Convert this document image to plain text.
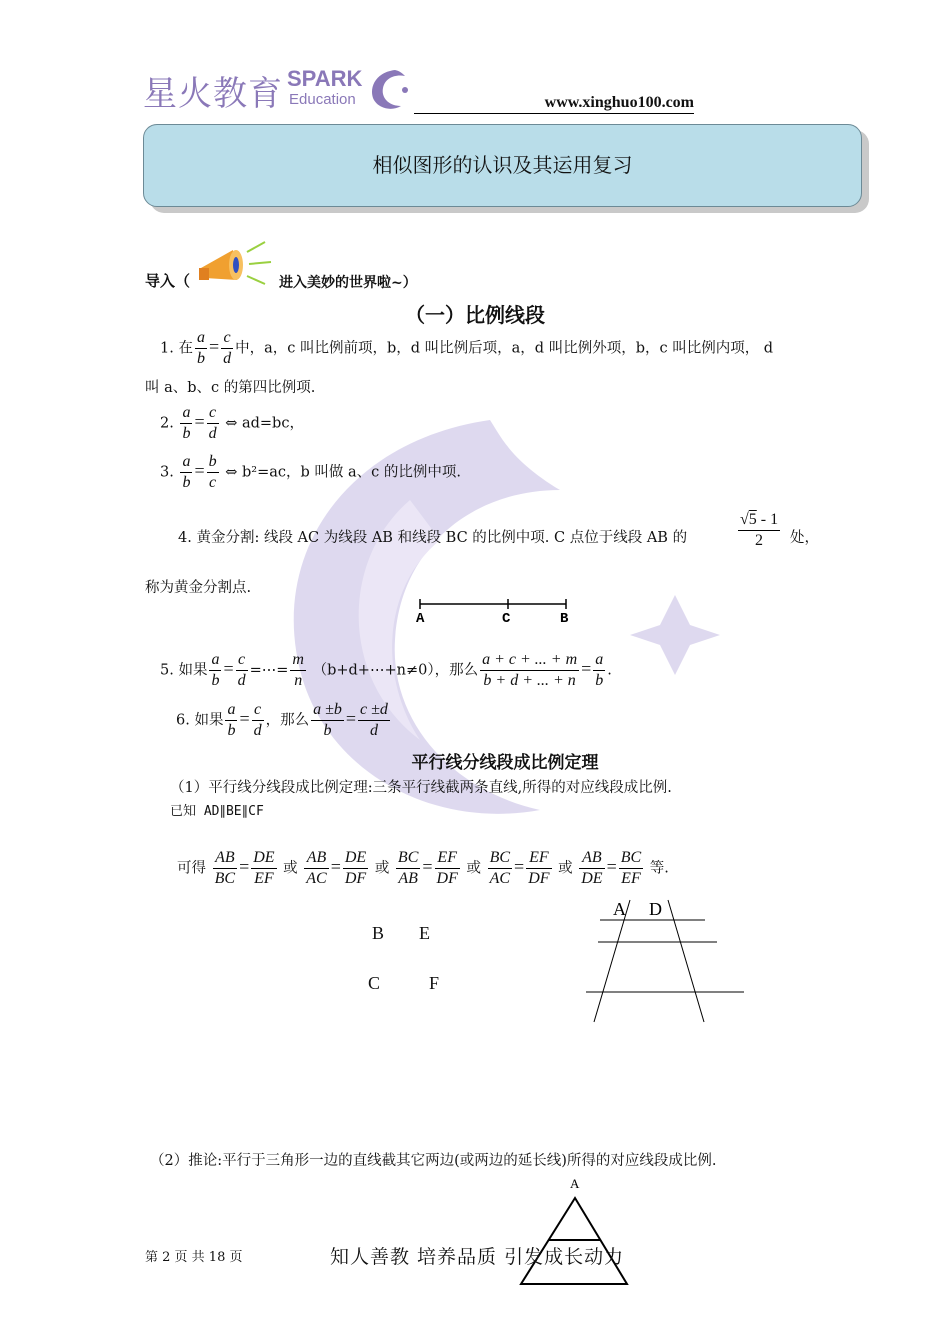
星火教育 SPARK
Education	www.xinghuo100.com
相似图形的认识及其运用复习
导入（	进入美妙的世界啦~）
（一）比例线段
1. 在 $\frac{a}{b} = \frac{c}{d}$ 中，a，c 叫比例前项，b，d 叫比例后项，a，d 叫比例外项，b，c 叫比例内项， d
叫 a、b、c 的第四比例项.
2. $\frac{a}{b} = \frac{c}{d}$ ⇔ ad=bc，
3. $\frac{a}{b} = \frac{b}{c}$ ⇔ b²=ac，b 叫做 a、c 的比例中项.
4. 黄金分割: 线段 AC 为线段 AB 和线段 BC 的比例中项. C 点位于线段 AB 的	$\frac{√5 - 1}{2}$ 处，
称为黄金分割点.
A	C	B
5. 如果 $\frac{a}{b} = \frac{c}{d}$ =⋯= $\frac{m}{n}$ （b+d+⋯+n≠0），那么 $\frac{a + c + ... + m}{b + d + ... + n} = \frac{a}{b}$ .
6. 如果 $\frac{a}{b} = \frac{c}{d}$ ，那么 $\frac{a \pm b}{b} = \frac{c \pm d}{d}$
平行线分线段成比例定理
（1）平行线分线段成比例定理:三条平行线截两条直线,所得的对应线段成比例.
已知 AD∥BE∥CF
可得 $\frac{AB}{BC} = \frac{DE}{EF}$ 或 $\frac{AB}{AC} = \frac{DE}{DF}$ 或 $\frac{BC}{AB} = \frac{EF}{DF}$ 或 $\frac{BC}{AC} = \frac{EF}{DF}$ 或 $\frac{AB}{DE} = \frac{BC}{EF}$ 等.
B E
C	F
A D
（2）推论:平行于三角形一边的直线截其它两边(或两边的延长线)所得的对应线段成比例.
A
第 2 页 共 18 页	知人善教 培养品质 引发成长动力
